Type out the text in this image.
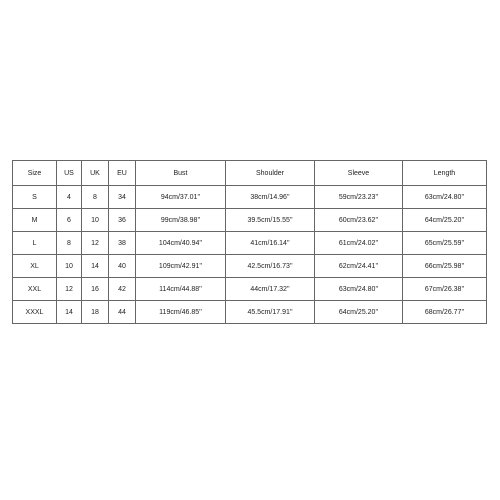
Size	US	UK	EU	Bust	Shoulder	Sleeve	Length
S	4	8	34	94cm/37.01''	38cm/14.96''	59cm/23.23''	63cm/24.80''
M	6	10	36	99cm/38.98''	39.5cm/15.55''	60cm/23.62''	64cm/25.20''
L	8	12	38	104cm/40.94''	41cm/16.14''	61cm/24.02''	65cm/25.59''
XL	10	14	40	109cm/42.91''	42.5cm/16.73''	62cm/24.41''	66cm/25.98''
XXL	12	16	42	114cm/44.88''	44cm/17.32''	63cm/24.80''	67cm/26.38''
XXXL	14	18	44	119cm/46.85''	45.5cm/17.91''	64cm/25.20''	68cm/26.77''
